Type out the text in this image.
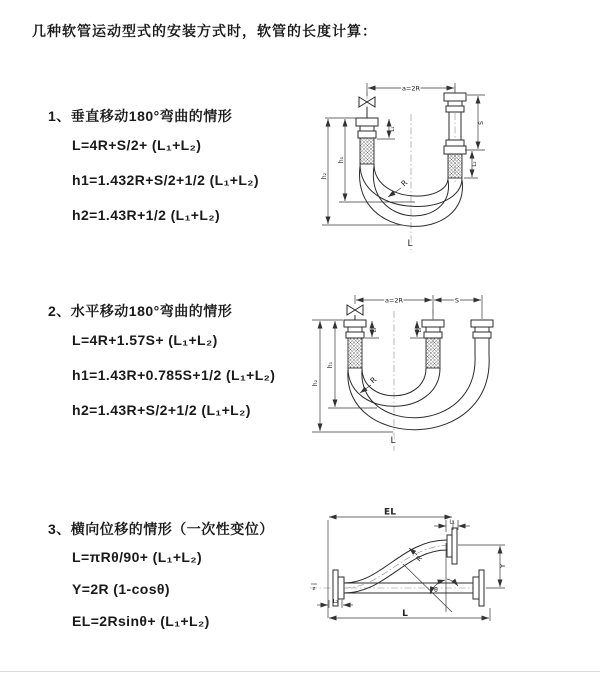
几种软管运动型式的安装方式时，软管的长度计算：
1、垂直移动180°弯曲的情形
L=4R+S/2+ (L₁+L₂)
h1=1.432R+S/2+1/2 (L₁+L₂)
h2=1.43R+1/2 (L₁+L₂)
2、水平移动180°弯曲的情形
L=4R+1.57S+ (L₁+L₂)
h1=1.43R+0.785S+1/2 (L₁+L₂)
h2=1.43R+S/2+1/2 (L₁+L₂)
3、横向位移的情形（一次性变位）
L=πRθ/90+ (L₁+L₂)
Y=2R (1-cosθ)
EL=2Rsinθ+ (L₁+L₂)
a=2R
h₁
h₂
L₁
S
L₂
R
L
a=2R	S
h₁
h₂
L₁	L₂
R
L
EL
L₁
Y
R
θ
L
L₂
z
